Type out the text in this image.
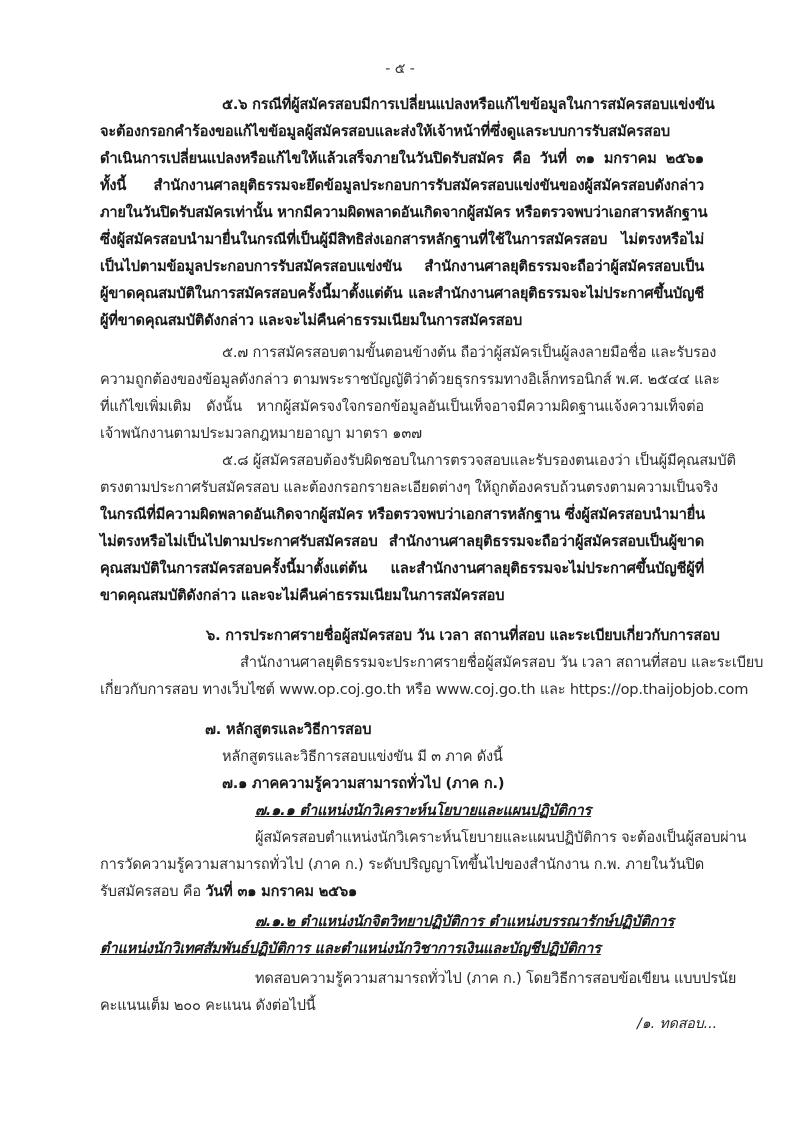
- ๕ -
๕.๖ กรณีที่ผู้สมัครสอบมีการเปลี่ยนแปลงหรือแก้ไขข้อมูลในการสมัครสอบแข่งขัน
จะต้องกรอกคำร้องขอแก้ไขข้อมูลผู้สมัครสอบและส่งให้เจ้าหน้าที่ซึ่งดูแลระบบการรับสมัครสอบ
ดำเนินการเปลี่ยนแปลงหรือแก้ไขให้แล้วเสร็จภายในวันปิดรับสมัคร คือ วันที่ ๓๑ มกราคม ๒๕๖๑
ทั้งนี้ สำนักงานศาลยุติธรรมจะยึดข้อมูลประกอบการรับสมัครสอบแข่งขันของผู้สมัครสอบดังกล่าว
ภายในวันปิดรับสมัครเท่านั้น หากมีความผิดพลาดอันเกิดจากผู้สมัคร หรือตรวจพบว่าเอกสารหลักฐาน
ซึ่งผู้สมัครสอบนำมายื่นในกรณีที่เป็นผู้มีสิทธิส่งเอกสารหลักฐานที่ใช้ในการสมัครสอบ ไม่ตรงหรือไม่
เป็นไปตามข้อมูลประกอบการรับสมัครสอบแข่งขัน สำนักงานศาลยุติธรรมจะถือว่าผู้สมัครสอบเป็น
ผู้ขาดคุณสมบัติในการสมัครสอบครั้งนี้มาตั้งแต่ต้น และสำนักงานศาลยุติธรรมจะไม่ประกาศขึ้นบัญชี
ผู้ที่ขาดคุณสมบัติดังกล่าว และจะไม่คืนค่าธรรมเนียมในการสมัครสอบ
๕.๗ การสมัครสอบตามขั้นตอนข้างต้น ถือว่าผู้สมัครเป็นผู้ลงลายมือชื่อ และรับรอง
ความถูกต้องของข้อมูลดังกล่าว ตามพระราชบัญญัติว่าด้วยธุรกรรมทางอิเล็กทรอนิกส์ พ.ศ. ๒๕๔๔ และ
ที่แก้ไขเพิ่มเติม ดังนั้น หากผู้สมัครจงใจกรอกข้อมูลอันเป็นเท็จอาจมีความผิดฐานแจ้งความเท็จต่อ
เจ้าพนักงานตามประมวลกฎหมายอาญา มาตรา ๑๓๗
๕.๘ ผู้สมัครสอบต้องรับผิดชอบในการตรวจสอบและรับรองตนเองว่า เป็นผู้มีคุณสมบัติ
ตรงตามประกาศรับสมัครสอบ และต้องกรอกรายละเอียดต่างๆ ให้ถูกต้องครบถ้วนตรงตามความเป็นจริง
ในกรณีที่มีความผิดพลาดอันเกิดจากผู้สมัคร หรือตรวจพบว่าเอกสารหลักฐาน ซึ่งผู้สมัครสอบนำมายื่น
ไม่ตรงหรือไม่เป็นไปตามประกาศรับสมัครสอบ สำนักงานศาลยุติธรรมจะถือว่าผู้สมัครสอบเป็นผู้ขาด
คุณสมบัติในการสมัครสอบครั้งนี้มาตั้งแต่ต้น และสำนักงานศาลยุติธรรมจะไม่ประกาศขึ้นบัญชีผู้ที่
ขาดคุณสมบัติดังกล่าว และจะไม่คืนค่าธรรมเนียมในการสมัครสอบ
๖. การประกาศรายชื่อผู้สมัครสอบ วัน เวลา สถานที่สอบ และระเบียบเกี่ยวกับการสอบ
สำนักงานศาลยุติธรรมจะประกาศรายชื่อผู้สมัครสอบ วัน เวลา สถานที่สอบ และระเบียบ
เกี่ยวกับการสอบ ทางเว็บไซต์ www.op.coj.go.th หรือ www.coj.go.th และ https://op.thaijobjob.com
๗. หลักสูตรและวิธีการสอบ
หลักสูตรและวิธีการสอบแข่งขัน มี ๓ ภาค ดังนี้
๗.๑ ภาคความรู้ความสามารถทั่วไป (ภาค ก.)
๗.๑.๑ ตำแหน่งนักวิเคราะห์นโยบายและแผนปฏิบัติการ
ผู้สมัครสอบตำแหน่งนักวิเคราะห์นโยบายและแผนปฏิบัติการ จะต้องเป็นผู้สอบผ่าน
การวัดความรู้ความสามารถทั่วไป (ภาค ก.) ระดับปริญญาโทขึ้นไปของสำนักงาน ก.พ. ภายในวันปิด
รับสมัครสอบ คือ วันที่ ๓๑ มกราคม ๒๕๖๑
๗.๑.๒ ตำแหน่งนักจิตวิทยาปฏิบัติการ ตำแหน่งบรรณารักษ์ปฏิบัติการ
ตำแหน่งนักวิเทศสัมพันธ์ปฏิบัติการ และตำแหน่งนักวิชาการเงินและบัญชีปฏิบัติการ
ทดสอบความรู้ความสามารถทั่วไป (ภาค ก.) โดยวิธีการสอบข้อเขียน แบบปรนัย
คะแนนเต็ม ๒๐๐ คะแนน ดังต่อไปนี้
/๑. ทดสอบ...
